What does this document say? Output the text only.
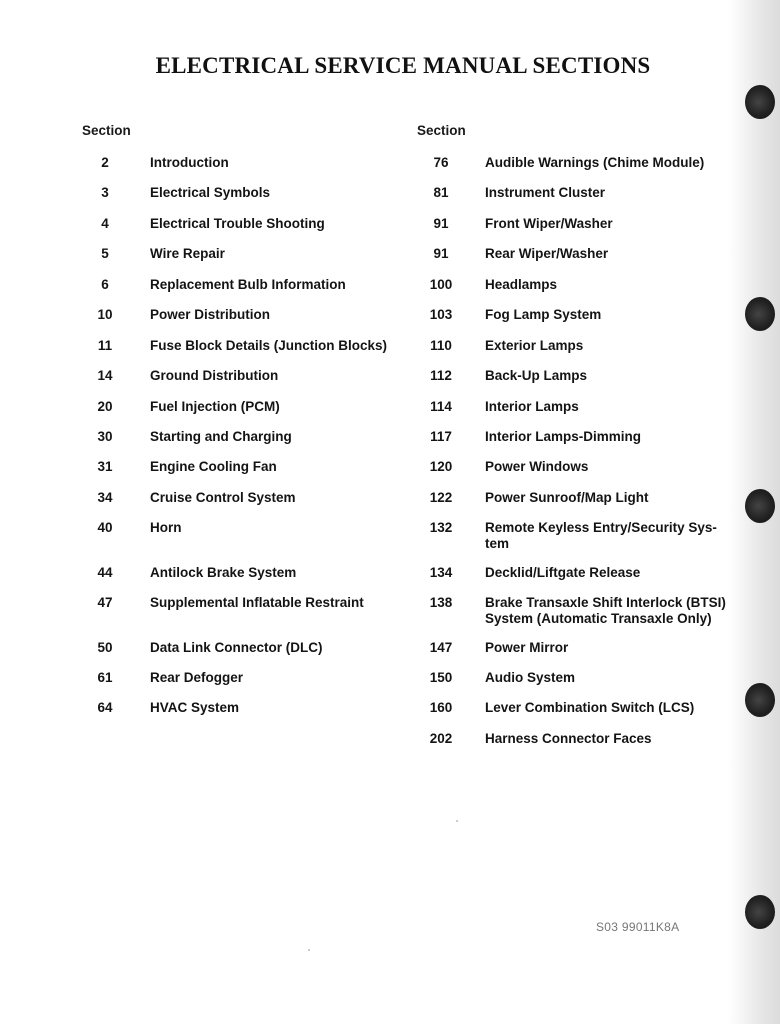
ELECTRICAL SERVICE MANUAL SECTIONS
Section	Section
2	Introduction
3	Electrical Symbols
4	Electrical Trouble Shooting
5	Wire Repair
6	Replacement Bulb Information
10	Power Distribution
11	Fuse Block Details (Junction Blocks)
14	Ground Distribution
20	Fuel Injection (PCM)
30	Starting and Charging
31	Engine Cooling Fan
34	Cruise Control System
40	Horn
44	Antilock Brake System
47	Supplemental Inflatable Restraint
50	Data Link Connector (DLC)
61	Rear Defogger
64	HVAC System
76	Audible Warnings (Chime Module)
81	Instrument Cluster
91	Front Wiper/Washer
91	Rear Wiper/Washer
100	Headlamps
103	Fog Lamp System
110	Exterior Lamps
112	Back-Up Lamps
114	Interior Lamps
117	Interior Lamps-Dimming
120	Power Windows
122	Power Sunroof/Map Light
132	Remote Keyless Entry/Security Sys-
tem
134	Decklid/Liftgate Release
138	Brake Transaxle Shift Interlock (BTSI)
System (Automatic Transaxle Only)
147	Power Mirror
150	Audio System
160	Lever Combination Switch (LCS)
202	Harness Connector Faces
S03 99011K8A
